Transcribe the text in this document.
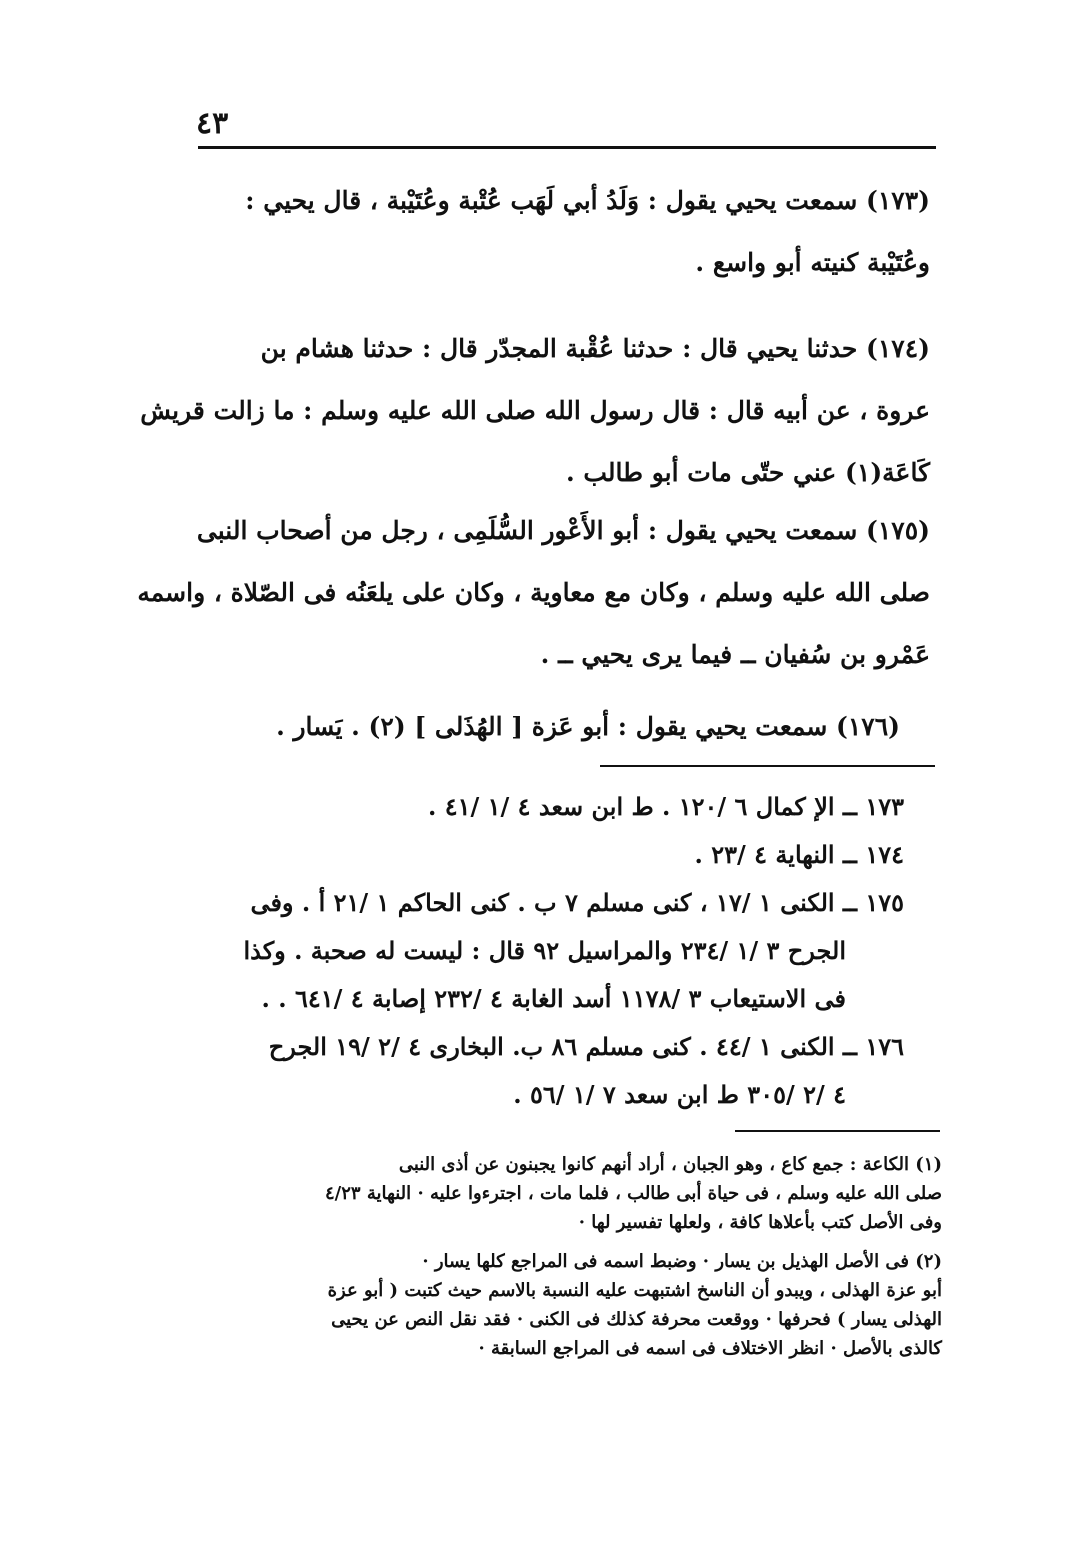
٤٣
(١٧٣) سمعت يحيي يقول : وَلَدُ أبي لَهَب عُتْبة وعُتَيْبة ، قال يحيي :
وعُتَيْبة كنيته أبو واسع .
(١٧٤) حدثنا يحيي قال : حدثنا عُقْبة المجدّر قال : حدثنا هشام بن
عروة ، عن أبيه قال : قال رسول الله صلى الله عليه وسلم : ما زالت قريش
كَاعَة(١) عني حتّى مات أبو طالب .
(١٧٥) سمعت يحيي يقول : أبو الأَعْور السُّلَمِى ، رجل من أصحاب النبى
صلى الله عليه وسلم ، وكان مع معاوية ، وكان على يلعَنُه فى الصّلاة ، واسمه
عَمْرو بن سُفيان ــ فيما يرى يحيي ــ .
(١٧٦) سمعت يحيي يقول : أبو عَزة [ الهُذَلى ] (٢) . يَسار .
١٧٣ ــ الإ كمال ٦ /١٢٠ . ط ابن سعد ٤ /١ /٤١ .
١٧٤ ــ النهاية ٤ /٢٣ .
١٧٥ ــ الكنى ١ /١٧ ، كنى مسلم ٧ ب . كنى الحاكم ١ /٢١ أ . وفى
الجرح ٣ /١ /٢٣٤ والمراسيل ٩٢ قال : ليست له صحبة . وكذا
فى الاستيعاب ٣ /١١٧٨ أسد الغابة ٤ /٢٣٢ إصابة ٤ /٦٤١ . .
١٧٦ ــ الكنى ١ /٤٤ . كنى مسلم ٨٦ ب. البخارى ٤ /٢ /١٩ الجرح
٤ /٢ /٣٠٥ ط ابن سعد ٧ /١ /٥٦ .
(١) الكاعة : جمع كاع ، وهو الجبان ، أراد أنهم كانوا يجبنون عن أذى النبى
صلى الله عليه وسلم ، فى حياة أبى طالب ، فلما مات ، اجترءوا عليه · النهاية ٤/٢٣
وفى الأصل كتب بأعلاها كافة ، ولعلها تفسير لها ·
(٢) فى الأصل الهذيل بن يسار · وضبط اسمه فى المراجع كلها يسار ·
أبو عزة الهذلى ، ويبدو أن الناسخ اشتبهت عليه النسبة بالاسم حيث كتبت ( أبو عزة
الهذلى يسار ) فحرفها · ووقعت محرفة كذلك فى الكنى · فقد نقل النص عن يحيى
كالذى بالأصل · انظر الاختلاف فى اسمه فى المراجع السابقة ·
